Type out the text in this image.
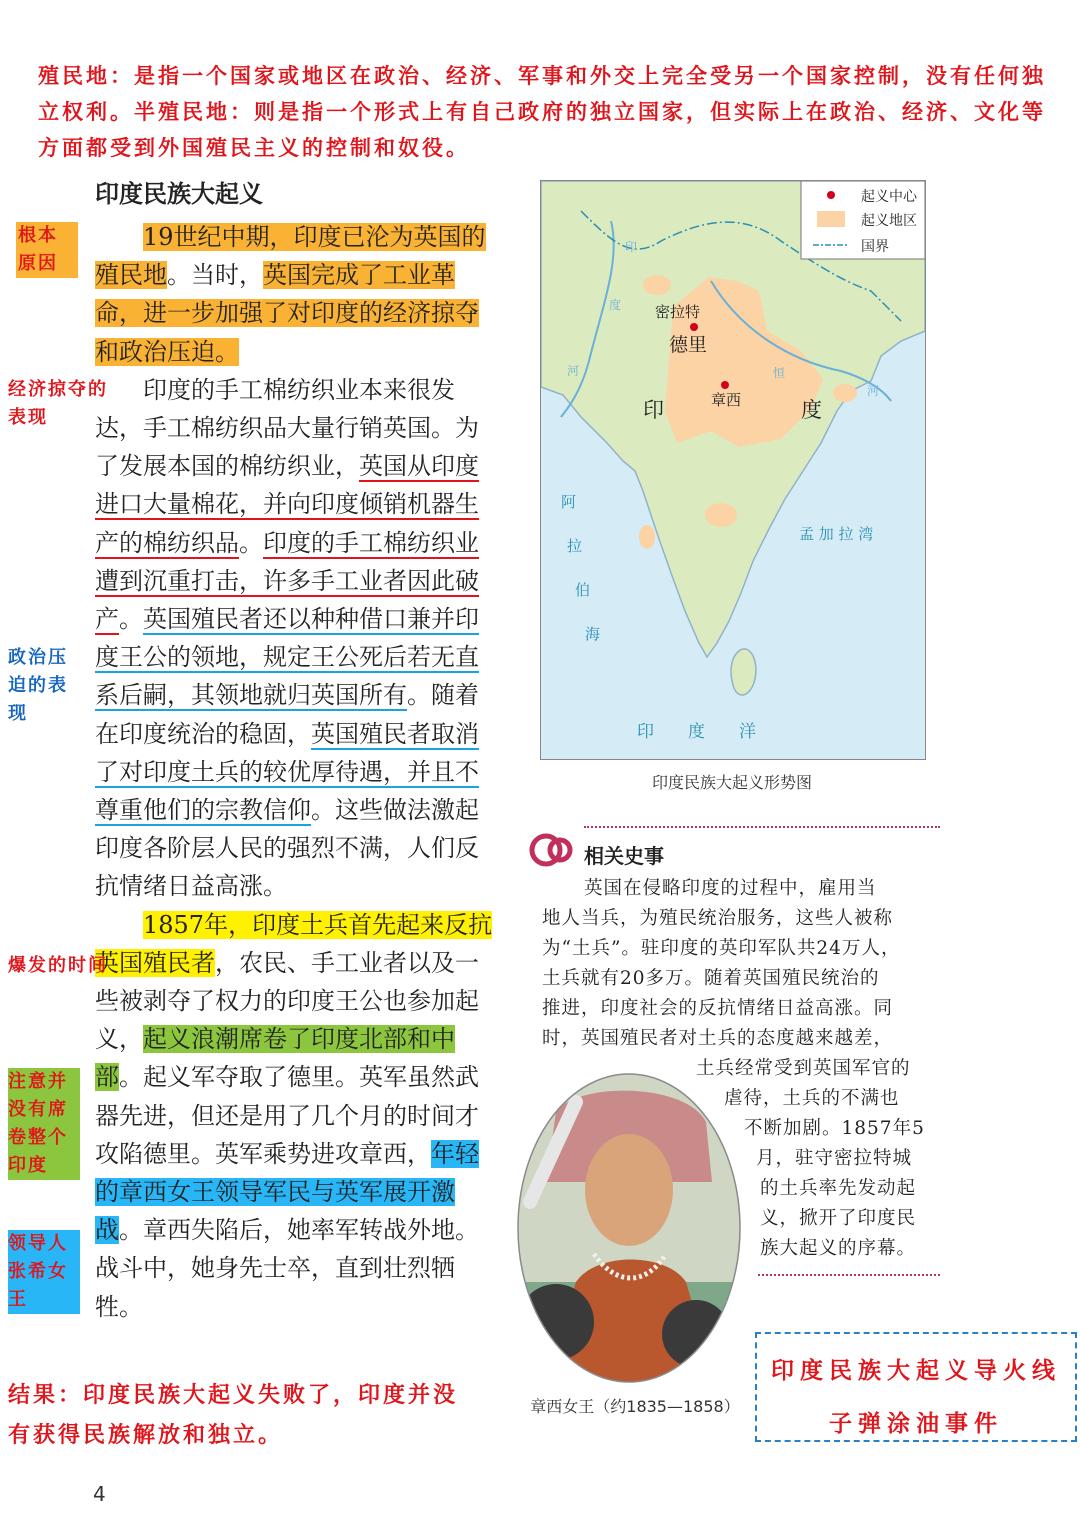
殖民地：是指一个国家或地区在政治、经济、军事和外交上完全受另一个国家控制，没有任何独立权利。半殖民地：则是指一个形式上有自己政府的独立国家，但实际上在政治、经济、文化等方面都受到外国殖民主义的控制和奴役。
印度民族大起义

19世纪中期，印度已沦为英国的殖民地。当时，英国完成了工业革命，进一步加强了对印度的经济掠夺和政治压迫。

印度的手工棉纺织业本来很发达，手工棉纺织品大量行销英国。为了发展本国的棉纺织业，英国从印度进口大量棉花，并向印度倾销机器生产的棉纺织品。印度的手工棉纺织业遭到沉重打击，许多手工业者因此破产。英国殖民者还以种种借口兼并印度王公的领地，规定王公死后若无直系后嗣，其领地就归英国所有。随着在印度统治的稳固，英国殖民者取消了对印度土兵的较优厚待遇，并且不尊重他们的宗教信仰。这些做法激起印度各阶层人民的强烈不满，人们反抗情绪日益高涨。

1857年，印度土兵首先起来反抗英国殖民者，农民、手工业者以及一些被剥夺了权力的印度王公也参加起义，起义浪潮席卷了印度北部和中部。起义军夺取了德里。英军虽然武器先进，但还是用了几个月的时间才攻陷德里。英军乘势进攻章西，年轻的章西女王领导军民与英军展开激战。章西失陷后，她率军转战外地。战斗中，她身先士卒，直到壮烈牺牲。

根本原因
经济掠夺的表现
政治压迫的表现
爆发的时间
注意并没有席卷整个印度
领导人张希女王
起义中心
起义地区
国界
密拉特
德里
章西
印	度
印
度
河	恒
河
阿
拉
伯
海
孟 加 拉 湾
印　　度　　洋
印度民族大起义形势图
相关史事
英国在侵略印度的过程中，雇用当
地人当兵，为殖民统治服务，这些人被称
为“土兵”。驻印度的英印军队共24万人，
土兵就有20多万。随着英国殖民统治的
推进，印度社会的反抗情绪日益高涨。同
时，英国殖民者对土兵的态度越来越差，
土兵经常受到英国军官的
虐待，土兵的不满也
不断加剧。1857年5
月，驻守密拉特城
的土兵率先发动起
义，掀开了印度民
族大起义的序幕。
章西女王（约1835—1858）
印度民族大起义导火线
子弹涂油事件
结果：印度民族大起义失败了，印度并没有获得民族解放和独立。
4
